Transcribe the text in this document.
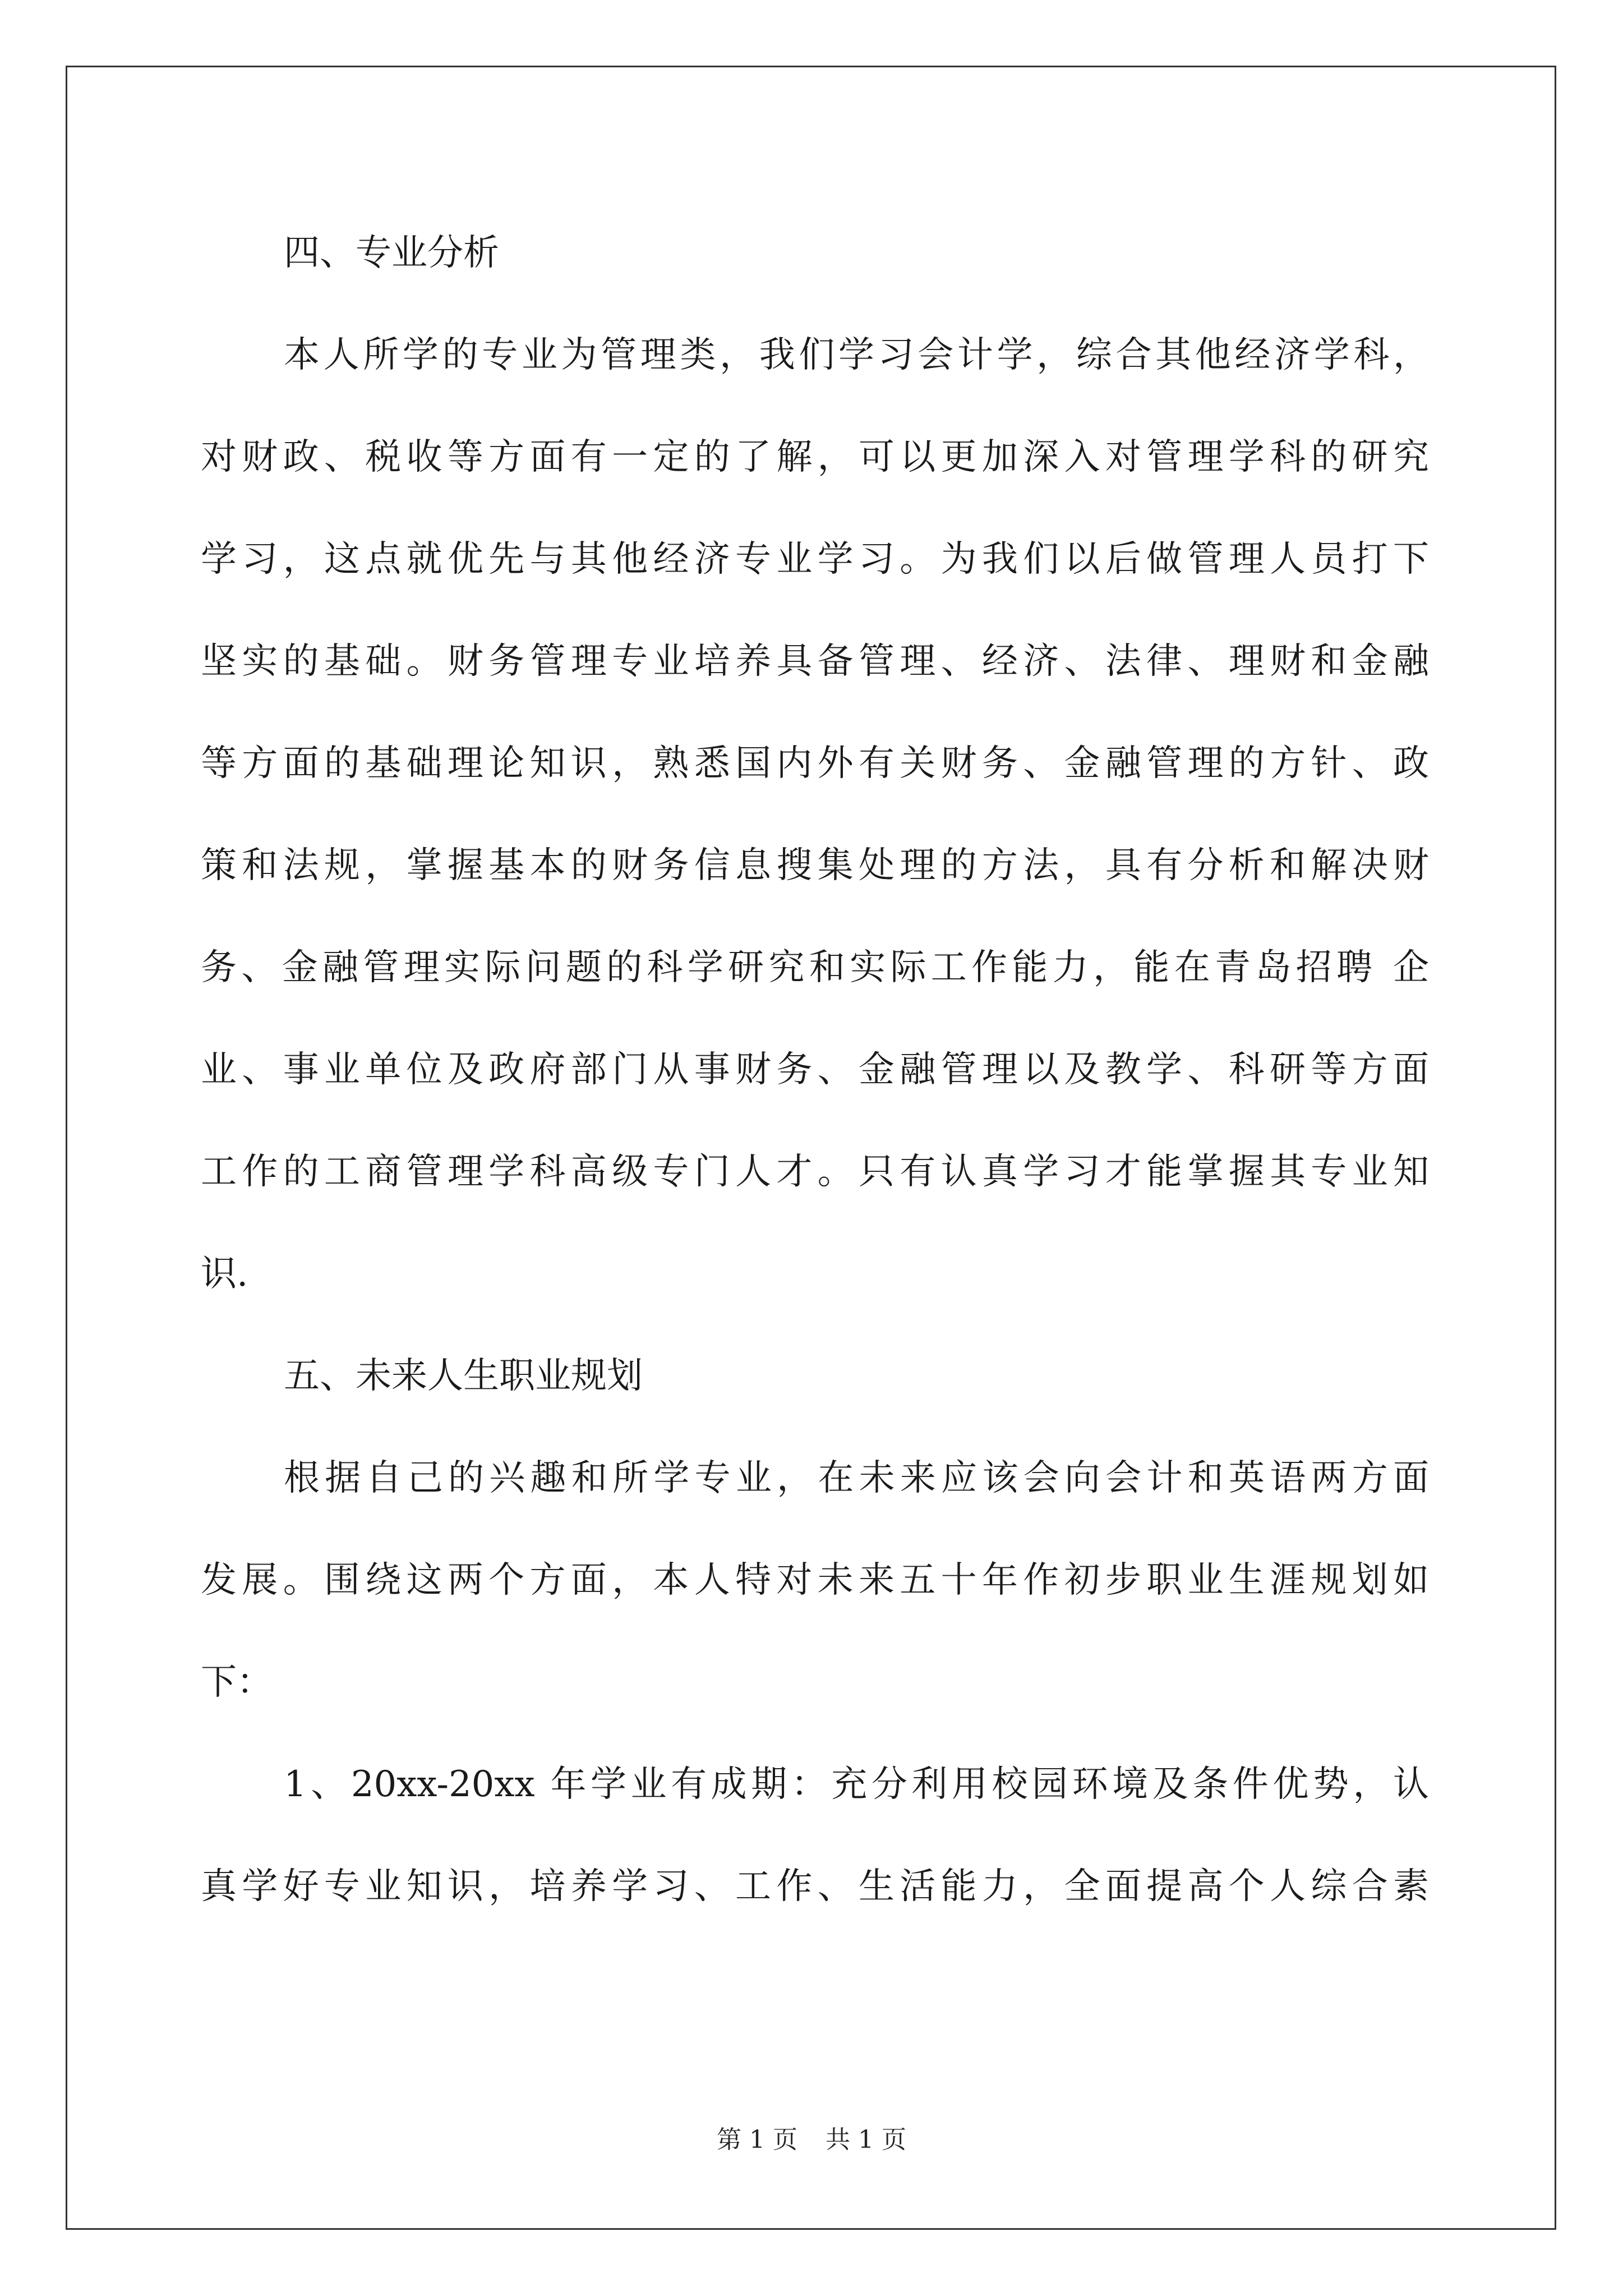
四、专业分析

本人所学的专业为管理类，我们学习会计学，综合其他经济学科，

对财政、税收等方面有一定的了解，可以更加深入对管理学科的研究

学习，这点就优先与其他经济专业学习。为我们以后做管理人员打下

坚实的基础。财务管理专业培养具备管理、经济、法律、理财和金融

等方面的基础理论知识，熟悉国内外有关财务、金融管理的方针、政

策和法规，掌握基本的财务信息搜集处理的方法，具有分析和解决财

务、金融管理实际问题的科学研究和实际工作能力，能在青岛招聘 企

业、事业单位及政府部门从事财务、金融管理以及教学、科研等方面

工作的工商管理学科高级专门人才。只有认真学习才能掌握其专业知

识.

五、未来人生职业规划

根据自己的兴趣和所学专业，在未来应该会向会计和英语两方面

发展。围绕这两个方面，本人特对未来五十年作初步职业生涯规划如

下：

1、20xx-20xx 年学业有成期：充分利用校园环境及条件优势，认

真学好专业知识，培养学习、工作、生活能力，全面提高个人综合素

第 1 页 共 1 页
